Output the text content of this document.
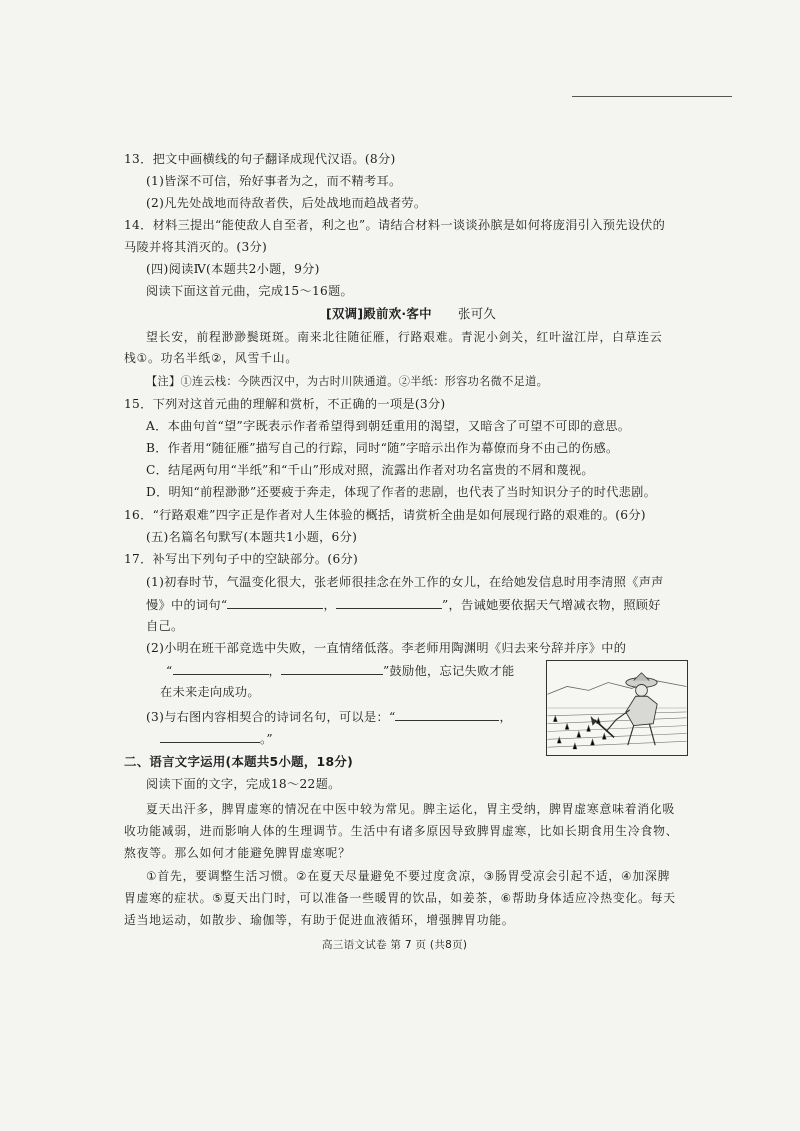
13．把文中画横线的句子翻译成现代汉语。(8分)
(1)皆深不可信，殆好事者为之，而不精考耳。
(2)凡先处战地而待敌者佚，后处战地而趋战者劳。
14．材料三提出“能使敌人自至者，利之也”。请结合材料一谈谈孙膑是如何将庞涓引入预先设伏的
马陵并将其消灭的。(3分)
(四)阅读Ⅳ(本题共2小题，9分)
阅读下面这首元曲，完成15～16题。
[双调]殿前欢·客中 张可久
望长安，前程渺渺鬓斑斑。南来北往随征雁，行路艰难。青泥小剑关，红叶湓江岸，白草连云
栈①。功名半纸②，风雪千山。
【注】①连云栈：今陕西汉中，为古时川陕通道。②半纸：形容功名微不足道。
15．下列对这首元曲的理解和赏析，不正确的一项是(3分)
A．本曲句首“望”字既表示作者希望得到朝廷重用的渴望，又暗含了可望不可即的意思。
B．作者用“随征雁”描写自己的行踪，同时“随”字暗示出作为幕僚而身不由己的伤感。
C．结尾两句用“半纸”和“千山”形成对照，流露出作者对功名富贵的不屑和蔑视。
D．明知“前程渺渺”还要疲于奔走，体现了作者的悲剧，也代表了当时知识分子的时代悲剧。
16．“行路艰难”四字正是作者对人生体验的概括，请赏析全曲是如何展现行路的艰难的。(6分)
(五)名篇名句默写(本题共1小题，6分)
17．补写出下列句子中的空缺部分。(6分)
(1)初春时节，气温变化很大，张老师很挂念在外工作的女儿，在给她发信息时用李清照《声声
慢》中的词句“	，	”，告诫她要依据天气增减衣物，照顾好
自己。
(2)小明在班干部竞选中失败，一直情绪低落。李老师用陶渊明《归去来兮辞并序》中的
“	，	”鼓励他，忘记失败才能
在未来走向成功。
(3)与右图内容相契合的诗词名句，可以是：“	，
。”
二、语言文字运用(本题共5小题，18分)
阅读下面的文字，完成18～22题。
夏天出汗多，脾胃虚寒的情况在中医中较为常见。脾主运化，胃主受纳，脾胃虚寒意味着消化吸
收功能减弱，进而影响人体的生理调节。生活中有诸多原因导致脾胃虚寒，比如长期食用生冷食物、
熬夜等。那么如何才能避免脾胃虚寒呢？
①首先，要调整生活习惯。②在夏天尽量避免不要过度贪凉，③肠胃受凉会引起不适，④加深脾
胃虚寒的症状。⑤夏天出门时，可以准备一些暖胃的饮品，如姜茶，⑥帮助身体适应冷热变化。每天
适当地运动，如散步、瑜伽等，有助于促进血液循环，增强脾胃功能。
高三语文试卷 第 7 页 (共8页)
